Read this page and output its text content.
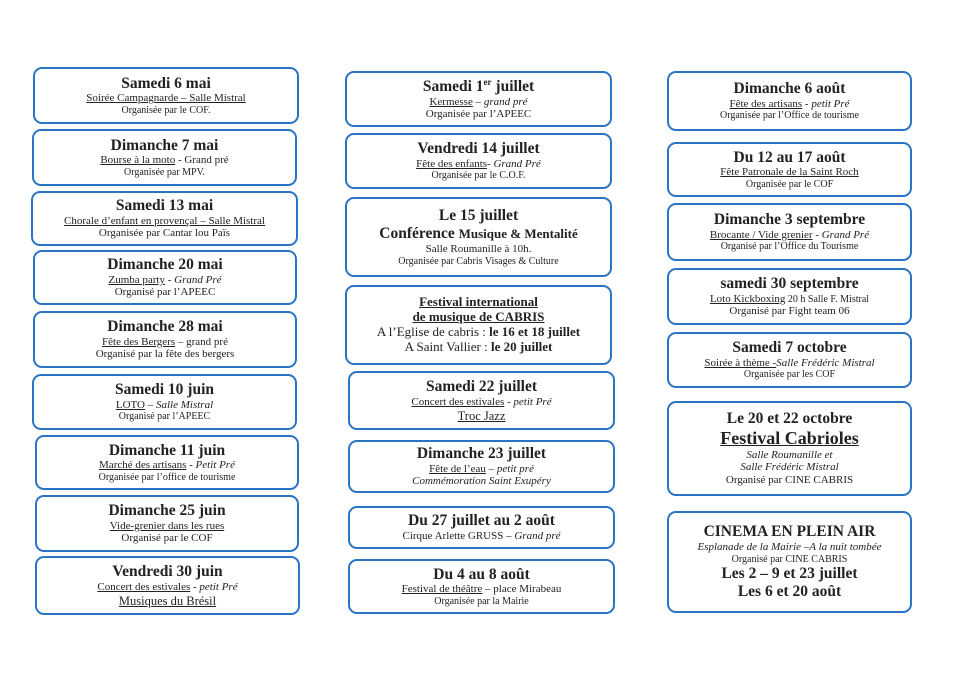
Samedi 6 mai
Soirée Campagnarde – Salle Mistral
Organisée par le COF.
Dimanche 7 mai
Bourse à la moto - Grand pré
Organisée par MPV.
Samedi 13 mai
Chorale d’enfant en provençal – Salle Mistral
Organisée par Cantar lou Païs
Dimanche 20 mai
Zumba party - Grand Pré
Organisé par l’APEEC
Dimanche 28 mai
Fête des Bergers – grand pré
Organisé par la fête des bergers
Samedi 10 juin
LOTO – Salle Mistral
Organisé par l’APEEC
Dimanche 11 juin
Marché des artisans - Petit Pré
Organisée par l’office de tourisme
Dimanche 25 juin
Vide-grenier dans les rues
Organisé par le COF
Vendredi 30 juin
Concert des estivales - petit Pré
Musiques du Brésil
Samedi 1er juillet
Kermesse – grand pré
Organisée par l’APEEC
Vendredi 14 juillet
Fête des enfants- Grand Pré
Organisée par le C.O.F.
Le 15 juillet
Conférence Musique & Mentalité
Salle Roumanille à 10h.
Organisée par Cabris Visages & Culture
Festival international
de musique de CABRIS
A l’Eglise de cabris : le 16 et 18 juillet
A Saint Vallier : le 20 juillet
Samedi 22 juillet
Concert des estivales - petit Pré
Troc Jazz
Dimanche 23 juillet
Fête de l’eau – petit pré
Commémoration Saint Exupéry
Du 27 juillet au 2 août
Cirque Arlette GRUSS – Grand pré
Du 4 au 8 août
Festival de théâtre – place Mirabeau
Organisée par la Mairie
Dimanche 6 août
Fête des artisans - petit Pré
Organisée par l’Office de tourisme
Du 12 au 17 août
Fête Patronale de la Saint Roch
Organisée par le COF
Dimanche 3 septembre
Brocante / Vide grenier - Grand Pré
Organisé par l’Office du Tourisme
samedi 30 septembre
Loto Kickboxing 20 h Salle F. Mistral
Organisé par Fight team 06
Samedi 7 octobre
Soirée à thème -Salle Frédéric Mistral
Organisée par les COF
Le 20 et 22 octobre
Festival Cabrioles
Salle Roumanille et
Salle Frédéric Mistral
Organisé par CINE CABRIS
CINEMA EN PLEIN AIR
Esplanade de la Mairie –A la nuit tombée
Organisé par CINE CABRIS
Les 2 – 9 et 23 juillet
Les 6 et 20 août
